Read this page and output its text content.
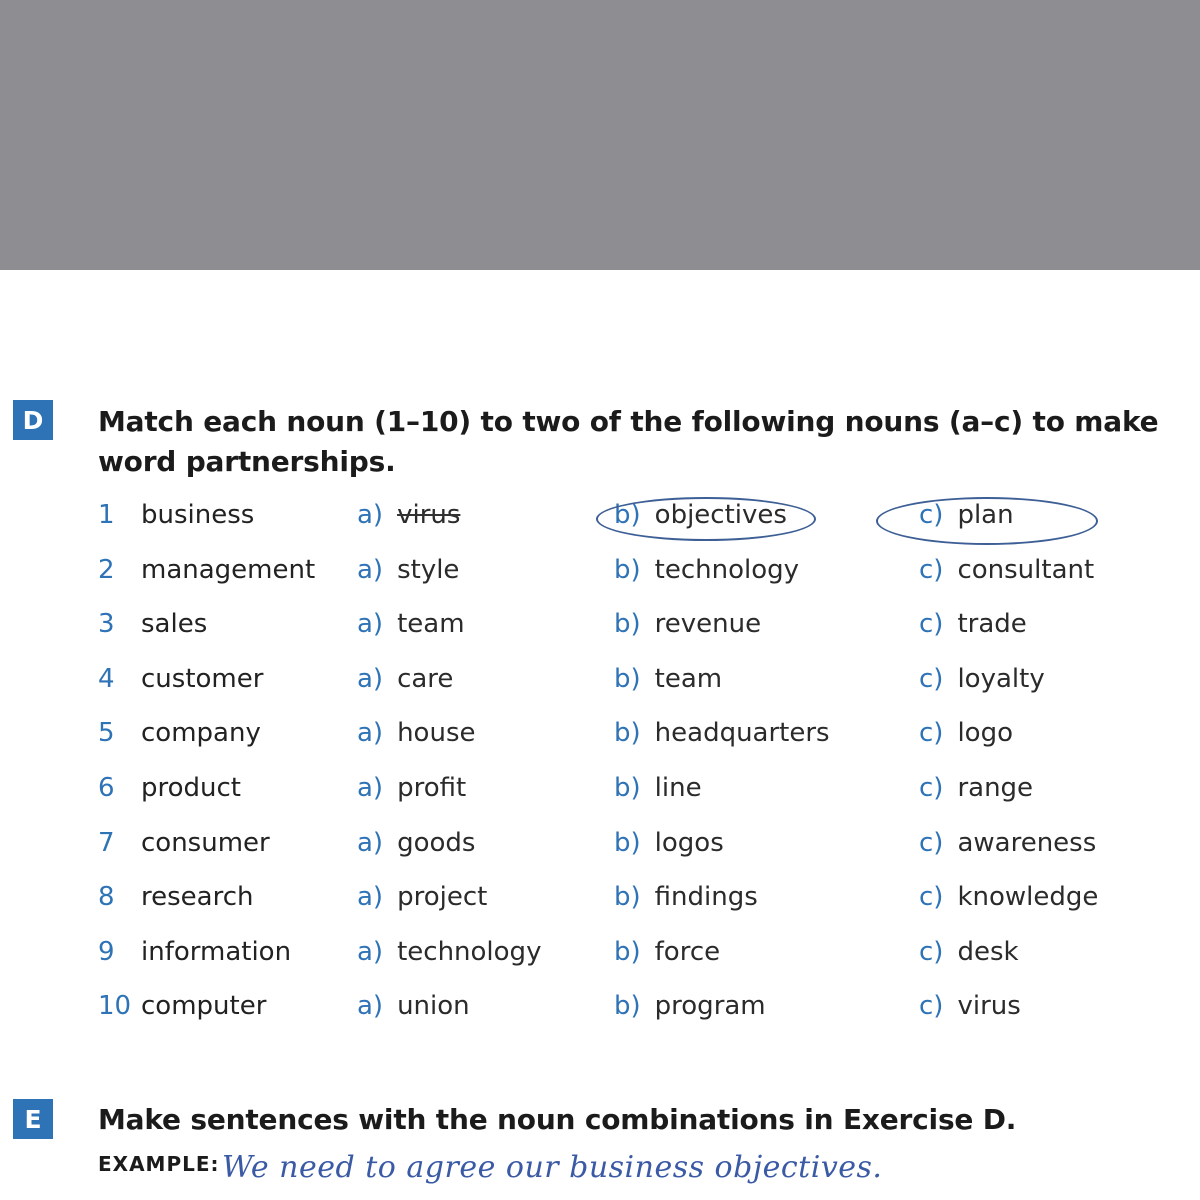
D	Match each noun (1–10) to two of the following nouns (a–c) to make word partnerships.
1 business	a) virus	b) objectives	c) plan
2 management a) style	b) technology	c) consultant
3 sales	a) team	b) revenue	c) trade
4 customer	a) care	b) team	c) loyalty
5 company	a) house	b) headquarters	c) logo
6 product	a) profit	b) line	c) range
7 consumer	a) goods	b) logos	c) awareness
8 research	a) project	b) findings	c) knowledge
9 information	a) technology	b) force	c) desk
10 computer	a) union	b) program	c) virus
E	Make sentences with the noun combinations in Exercise D.
EXAMPLE: We need to agree our business objectives.
